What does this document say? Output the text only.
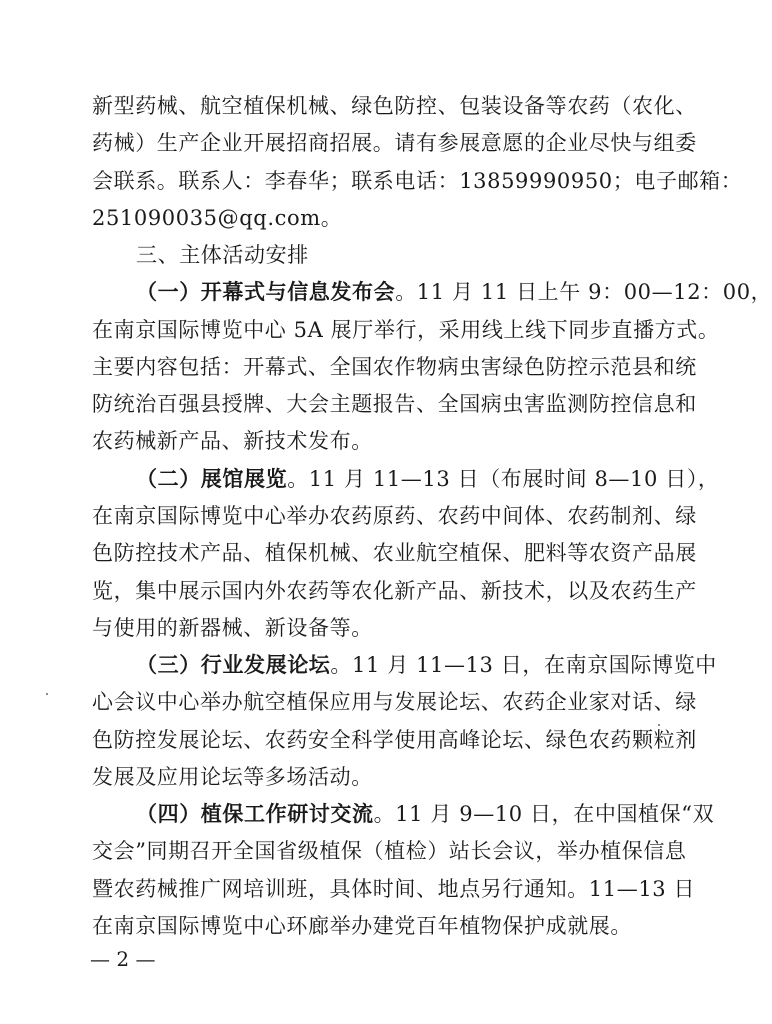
新型药械、航空植保机械、绿色防控、包装设备等农药（农化、
药械）生产企业开展招商招展。请有参展意愿的企业尽快与组委
会联系。联系人：李春华；联系电话：13859990950；电子邮箱：
251090035@qq.com。
三、主体活动安排
（一）开幕式与信息发布会。11 月 11 日上午 9：00—12：00，
在南京国际博览中心 5A 展厅举行，采用线上线下同步直播方式。
主要内容包括：开幕式、全国农作物病虫害绿色防控示范县和统
防统治百强县授牌、大会主题报告、全国病虫害监测防控信息和
农药械新产品、新技术发布。
（二）展馆展览。11 月 11—13 日（布展时间 8—10 日），
在南京国际博览中心举办农药原药、农药中间体、农药制剂、绿
色防控技术产品、植保机械、农业航空植保、肥料等农资产品展
览，集中展示国内外农药等农化新产品、新技术，以及农药生产
与使用的新器械、新设备等。
（三）行业发展论坛。11 月 11—13 日，在南京国际博览中
心会议中心举办航空植保应用与发展论坛、农药企业家对话、绿
色防控发展论坛、农药安全科学使用高峰论坛、绿色农药颗粒剂
发展及应用论坛等多场活动。
（四）植保工作研讨交流。11 月 9—10 日，在中国植保“双
交会”同期召开全国省级植保（植检）站长会议，举办植保信息
暨农药械推广网培训班，具体时间、地点另行通知。11—13 日
在南京国际博览中心环廊举办建党百年植物保护成就展。
— 2 —
